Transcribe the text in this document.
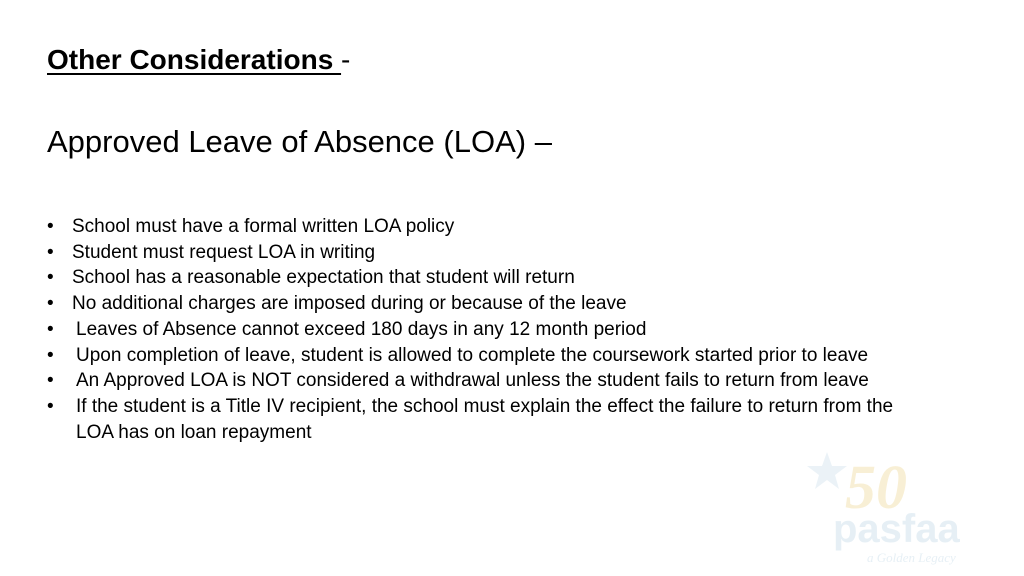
Other Considerations -
Approved Leave of Absence (LOA) –
• School must have a formal written LOA policy
• Student must request LOA in writing
• School has a reasonable expectation that student will return
• No additional charges are imposed during or because of the leave
• Leaves of Absence cannot exceed 180 days in any 12 month period
• Upon completion of leave, student is allowed to complete the coursework started prior to leave
• An Approved LOA is NOT considered a withdrawal unless the student fails to return from leave
• If the student is a Title IV recipient, the school must explain the effect the failure to return from the LOA has on loan repayment
50
pasfaa
a Golden Legacy
